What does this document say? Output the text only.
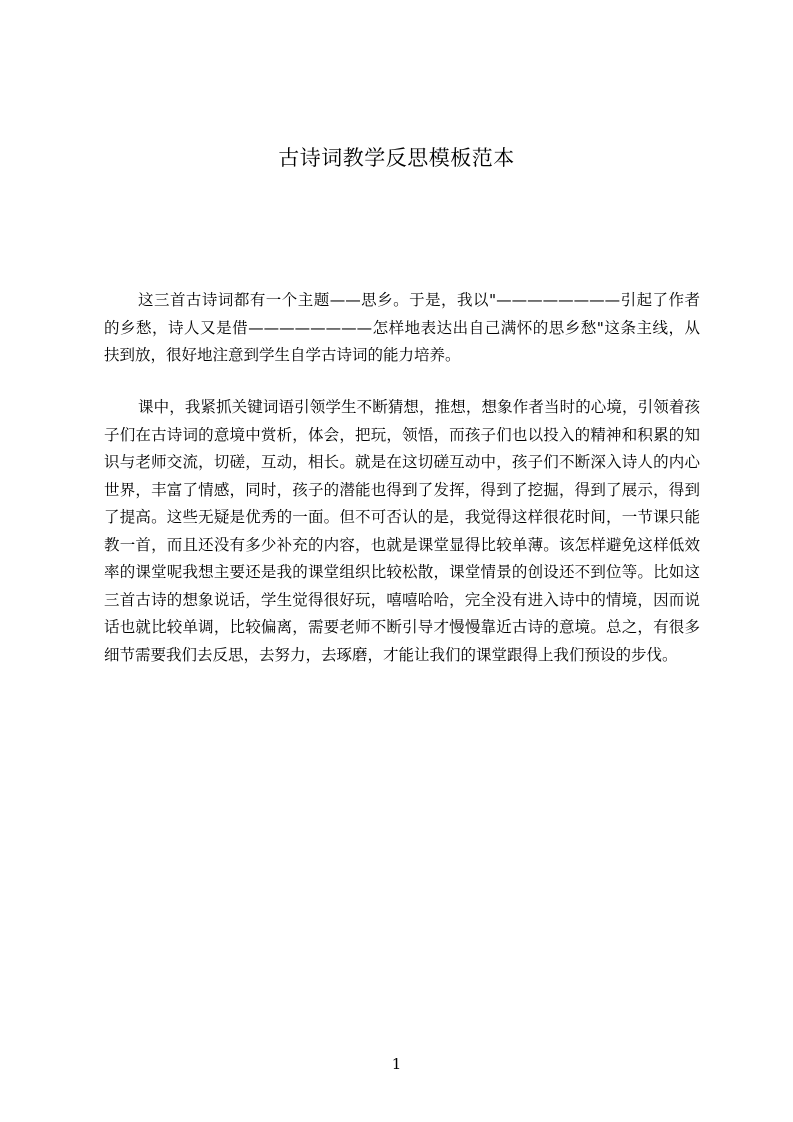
古诗词教学反思模板范本

这三首古诗词都有一个主题——思乡。于是，我以"————————引起了作者的乡愁，诗人又是借————————怎样地表达出自己满怀的思乡愁"这条主线，从扶到放，很好地注意到学生自学古诗词的能力培养。

课中，我紧抓关键词语引领学生不断猜想，推想，想象作者当时的心境，引领着孩子们在古诗词的意境中赏析，体会，把玩，领悟，而孩子们也以投入的精神和积累的知识与老师交流，切磋，互动，相长。就是在这切磋互动中，孩子们不断深入诗人的内心世界，丰富了情感，同时，孩子的潜能也得到了发挥，得到了挖掘，得到了展示，得到了提高。这些无疑是优秀的一面。但不可否认的是，我觉得这样很花时间，一节课只能教一首，而且还没有多少补充的内容，也就是课堂显得比较单薄。该怎样避免这样低效率的课堂呢我想主要还是我的课堂组织比较松散，课堂情景的创设还不到位等。比如这三首古诗的想象说话，学生觉得很好玩，嘻嘻哈哈，完全没有进入诗中的情境，因而说话也就比较单调，比较偏离，需要老师不断引导才慢慢靠近古诗的意境。总之，有很多细节需要我们去反思，去努力，去琢磨，才能让我们的课堂跟得上我们预设的步伐。

1
